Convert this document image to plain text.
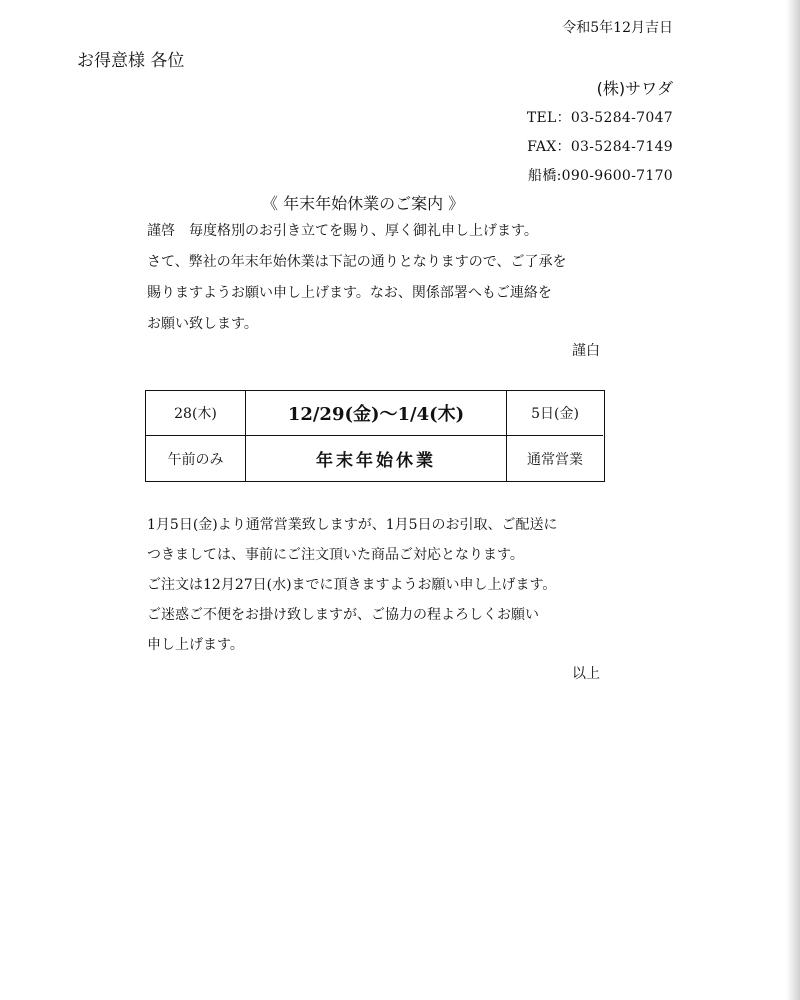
令和5年12月吉日
お得意様 各位
(株)サワダ
TEL：03-5284-7047
FAX：03-5284-7149
船橋:090-9600-7170
《 年末年始休業のご案内 》
謹啓　毎度格別のお引き立てを賜り、厚く御礼申し上げます。
さて、弊社の年末年始休業は下記の通りとなりますので、ご了承を
賜りますようお願い申し上げます。なお、関係部署へもご連絡を
お願い致します。
謹白
28(木)	12/29(金)～1/4(木)	5日(金)
午前のみ	年末年始休業	通常営業
1月5日(金)より通常営業致しますが、1月5日のお引取、ご配送に
つきましては、事前にご注文頂いた商品ご対応となります。
ご注文は12月27日(水)までに頂きますようお願い申し上げます。
ご迷惑ご不便をお掛け致しますが、ご協力の程よろしくお願い
申し上げます。
以上
